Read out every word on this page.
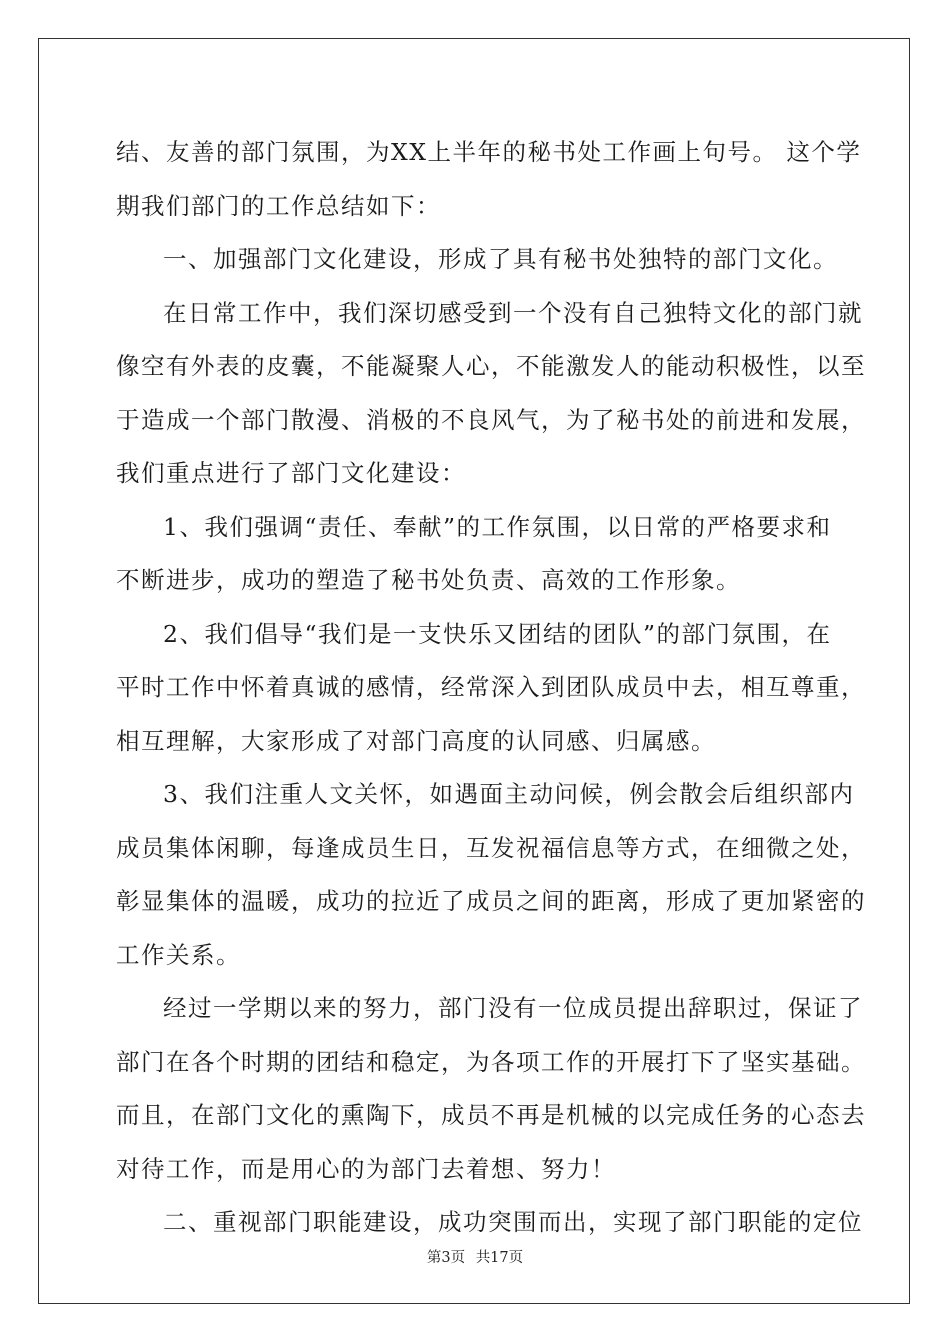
结、友善的部门氛围，为XX上半年的秘书处工作画上句号。 这个学
期我们部门的工作总结如下：
一、加强部门文化建设，形成了具有秘书处独特的部门文化。
在日常工作中，我们深切感受到一个没有自己独特文化的部门就
像空有外表的皮囊，不能凝聚人心，不能激发人的能动积极性，以至
于造成一个部门散漫、消极的不良风气，为了秘书处的前进和发展，
我们重点进行了部门文化建设：
1、我们强调“责任、奉献”的工作氛围，以日常的严格要求和
不断进步，成功的塑造了秘书处负责、高效的工作形象。
2、我们倡导“我们是一支快乐又团结的团队”的部门氛围，在
平时工作中怀着真诚的感情，经常深入到团队成员中去，相互尊重，
相互理解，大家形成了对部门高度的认同感、归属感。
3、我们注重人文关怀，如遇面主动问候，例会散会后组织部内
成员集体闲聊，每逢成员生日，互发祝福信息等方式，在细微之处，
彰显集体的温暖，成功的拉近了成员之间的距离，形成了更加紧密的
工作关系。
经过一学期以来的努力，部门没有一位成员提出辞职过，保证了
部门在各个时期的团结和稳定，为各项工作的开展打下了坚实基础。
而且，在部门文化的熏陶下，成员不再是机械的以完成任务的心态去
对待工作，而是用心的为部门去着想、努力！
二、重视部门职能建设，成功突围而出，实现了部门职能的定位
第3页 共17页
